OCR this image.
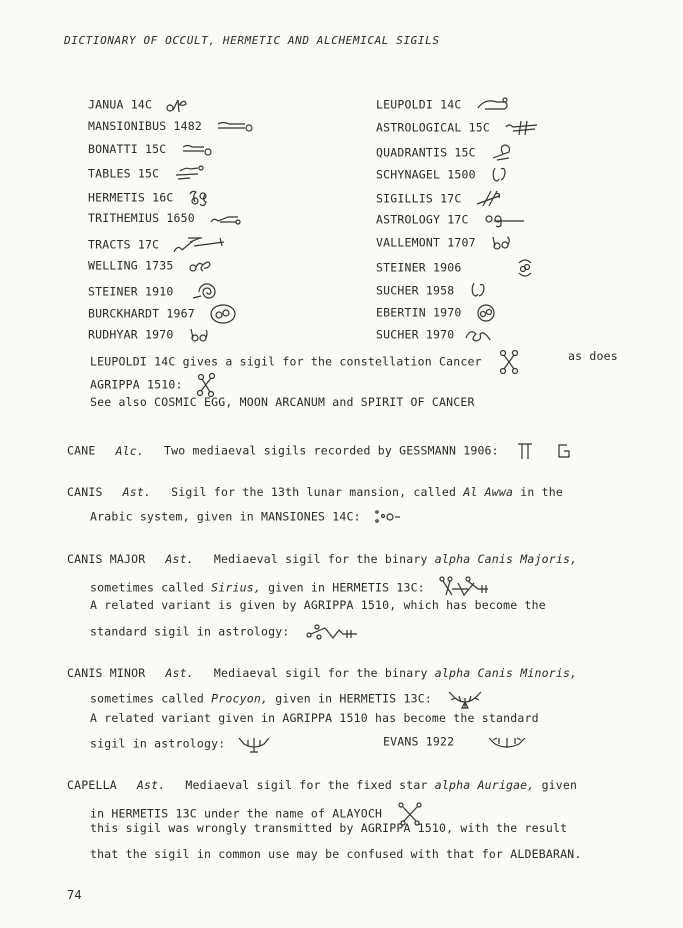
DICTIONARY OF OCCULT, HERMETIC AND ALCHEMICAL SIGILS
JANUA 14C
MANSIONIBUS 1482
BONATTI 15C
TABLES 15C
HERMETIS 16C
TRITHEMIUS 1650
TRACTS 17C
WELLING 1735
STEINER 1910
BURCKHARDT 1967
RUDHYAR 1970
LEUPOLDI 14C
ASTROLOGICAL 15C
QUADRANTIS 15C
SCHYNAGEL 1500
SIGILLIS 17C
ASTROLOGY 17C
VALLEMONT 1707
STEINER 1906
SUCHER 1958
EBERTIN 1970
SUCHER 1970
LEUPOLDI 14C gives a sigil for the constellation Cancer	as does
AGRIPPA 1510:
See also COSMIC EGG, MOON ARCANUM and SPIRIT OF CANCER
CANE Alc. Two mediaeval sigils recorded by GESSMANN 1906:

CANIS Ast. Sigil for the 13th lunar mansion, called Al Awwa in the
Arabic system, given in MANSIONES 14C:
CANIS MAJOR Ast. Mediaeval sigil for the binary alpha Canis Majoris,
sometimes called Sirius, given in HERMETIS 13C:
A related variant is given by AGRIPPA 1510, which has become the
standard sigil in astrology:
CANIS MINOR Ast. Mediaeval sigil for the binary alpha Canis Minoris,
sometimes called Procyon, given in HERMETIS 13C:
A related variant given in AGRIPPA 1510 has become the standard
sigil in astrology:	EVANS 1922
CAPELLA Ast. Mediaeval sigil for the fixed star alpha Aurigae, given
in HERMETIS 13C under the name of ALAYOCH
this sigil was wrongly transmitted by AGRIPPA 1510, with the result
that the sigil in common use may be confused with that for ALDEBARAN.
74
